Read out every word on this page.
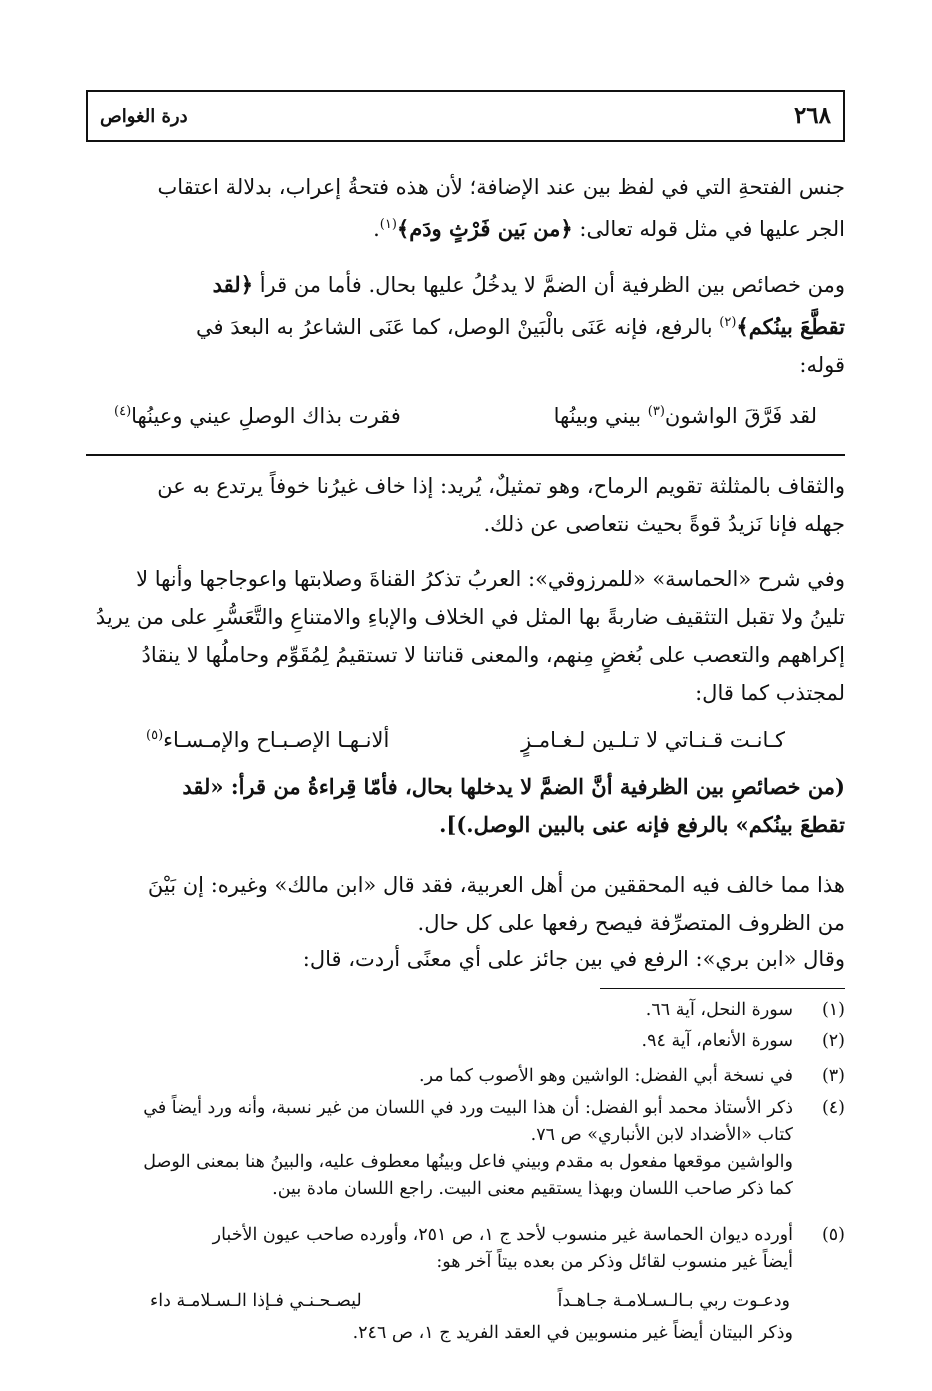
٢٦٨
درة الغواص

جنس الفتحةِ التي في لفظ بين عند الإضافة؛ لأن هذه فتحةُ إعراب، بدلالة اعتقاب

الجر عليها في مثل قوله تعالى: ﴿من بَين فَرْثٍ ودَم﴾$^{(١)}$.

ومن خصائص بين الظرفية أن الضمَّ لا يدخُلُ عليها بحال. فأما من قرأ ﴿لقد

تقطَّعَ بينُكم﴾$^{(٢)}$ بالرفع، فإنه عَنَى بالْبَينْ الوصل، كما عَنَى الشاعرُ به البعدَ في

قوله:

لقد فَرَّقَ الواشون$^{(٣)}$ بيني وبينُها
فقرت بذاك الوصلِ عيني وعينُها$^{(٤)}$

والثقاف بالمثلثة تقويم الرماح، وهو تمثيلٌ، يُريد: إذا خاف غيرُنا خوفاً يرتدع به عن

جهله فإنا نَزيدُ قوةً بحيث نتعاصى عن ذلك.

وفي شرح «الحماسة» «للمرزوقي»: العربُ تذكرُ القناةَ وصلابتها واعوجاجها وأنها لا

تلينُ ولا تقبل التثقيف ضاربةً بها المثل في الخلاف والإباءِ والامتناعِ والتَّعَسُّرِ على من يريدُ

إكراههم والتعصب على بُغضٍ مِنهم، والمعنى قناتنا لا تستقيمُ لِمُقَوِّم وحاملُها لا ينقادُ

لمجتذب كما قال:

كـانـت قـنـاتي لا تـلـين لـغـامـزٍ
ألانـهـا الإصـبـاح والإمـسـاء$^{(٥)}$

(من خصائصِ بين الظرفية أنَّ الضمَّ لا يدخلها بحال، فأمّا قِراءةُ من قرأ: «لقد

تقطعَ بينُكم» بالرفع فإنه عنى بالبين الوصل.)].

هذا مما خالف فيه المحققين من أهل العربية، فقد قال «ابن مالك» وغيره: إن بَيْنَ

من الظروف المتصرِّفة فيصح رفعها على كل حال.

وقال «ابن بري»: الرفع في بين جائز على أي معنًى أردت، قال:

(١)
سورة النحل، آية ٦٦.
(٢)
سورة الأنعام، آية ٩٤.
(٣)
في نسخة أبي الفضل: الواشين وهو الأصوب كما مر.
(٤)
ذكر الأستاذ محمد أبو الفضل: أن هذا البيت ورد في اللسان من غير نسبة، وأنه ورد أيضاً في
كتاب «الأضداد لابن الأنباري» ص ٧٦.
والواشين موقعها مفعول به مقدم وبيني فاعل وبينُها معطوف عليه، والبينُ هنا بمعنى الوصل
كما ذكر صاحب اللسان وبهذا يستقيم معنى البيت. راجع اللسان مادة بين.
(٥)
أورده ديوان الحماسة غير منسوب لأحد ج ١، ص ٢٥١، وأورده صاحب عيون الأخبار
أيضاً غير منسوب لقائل وذكر من بعده بيتاً آخر هو:
ودعـوت ربي بـالـسـلامـة جـاهـداً
ليصـحـنـي فـإذا الـسـلامـة داء
وذكر البيتان أيضاً غير منسوبين في العقد الفريد ج ١، ص ٢٤٦.
